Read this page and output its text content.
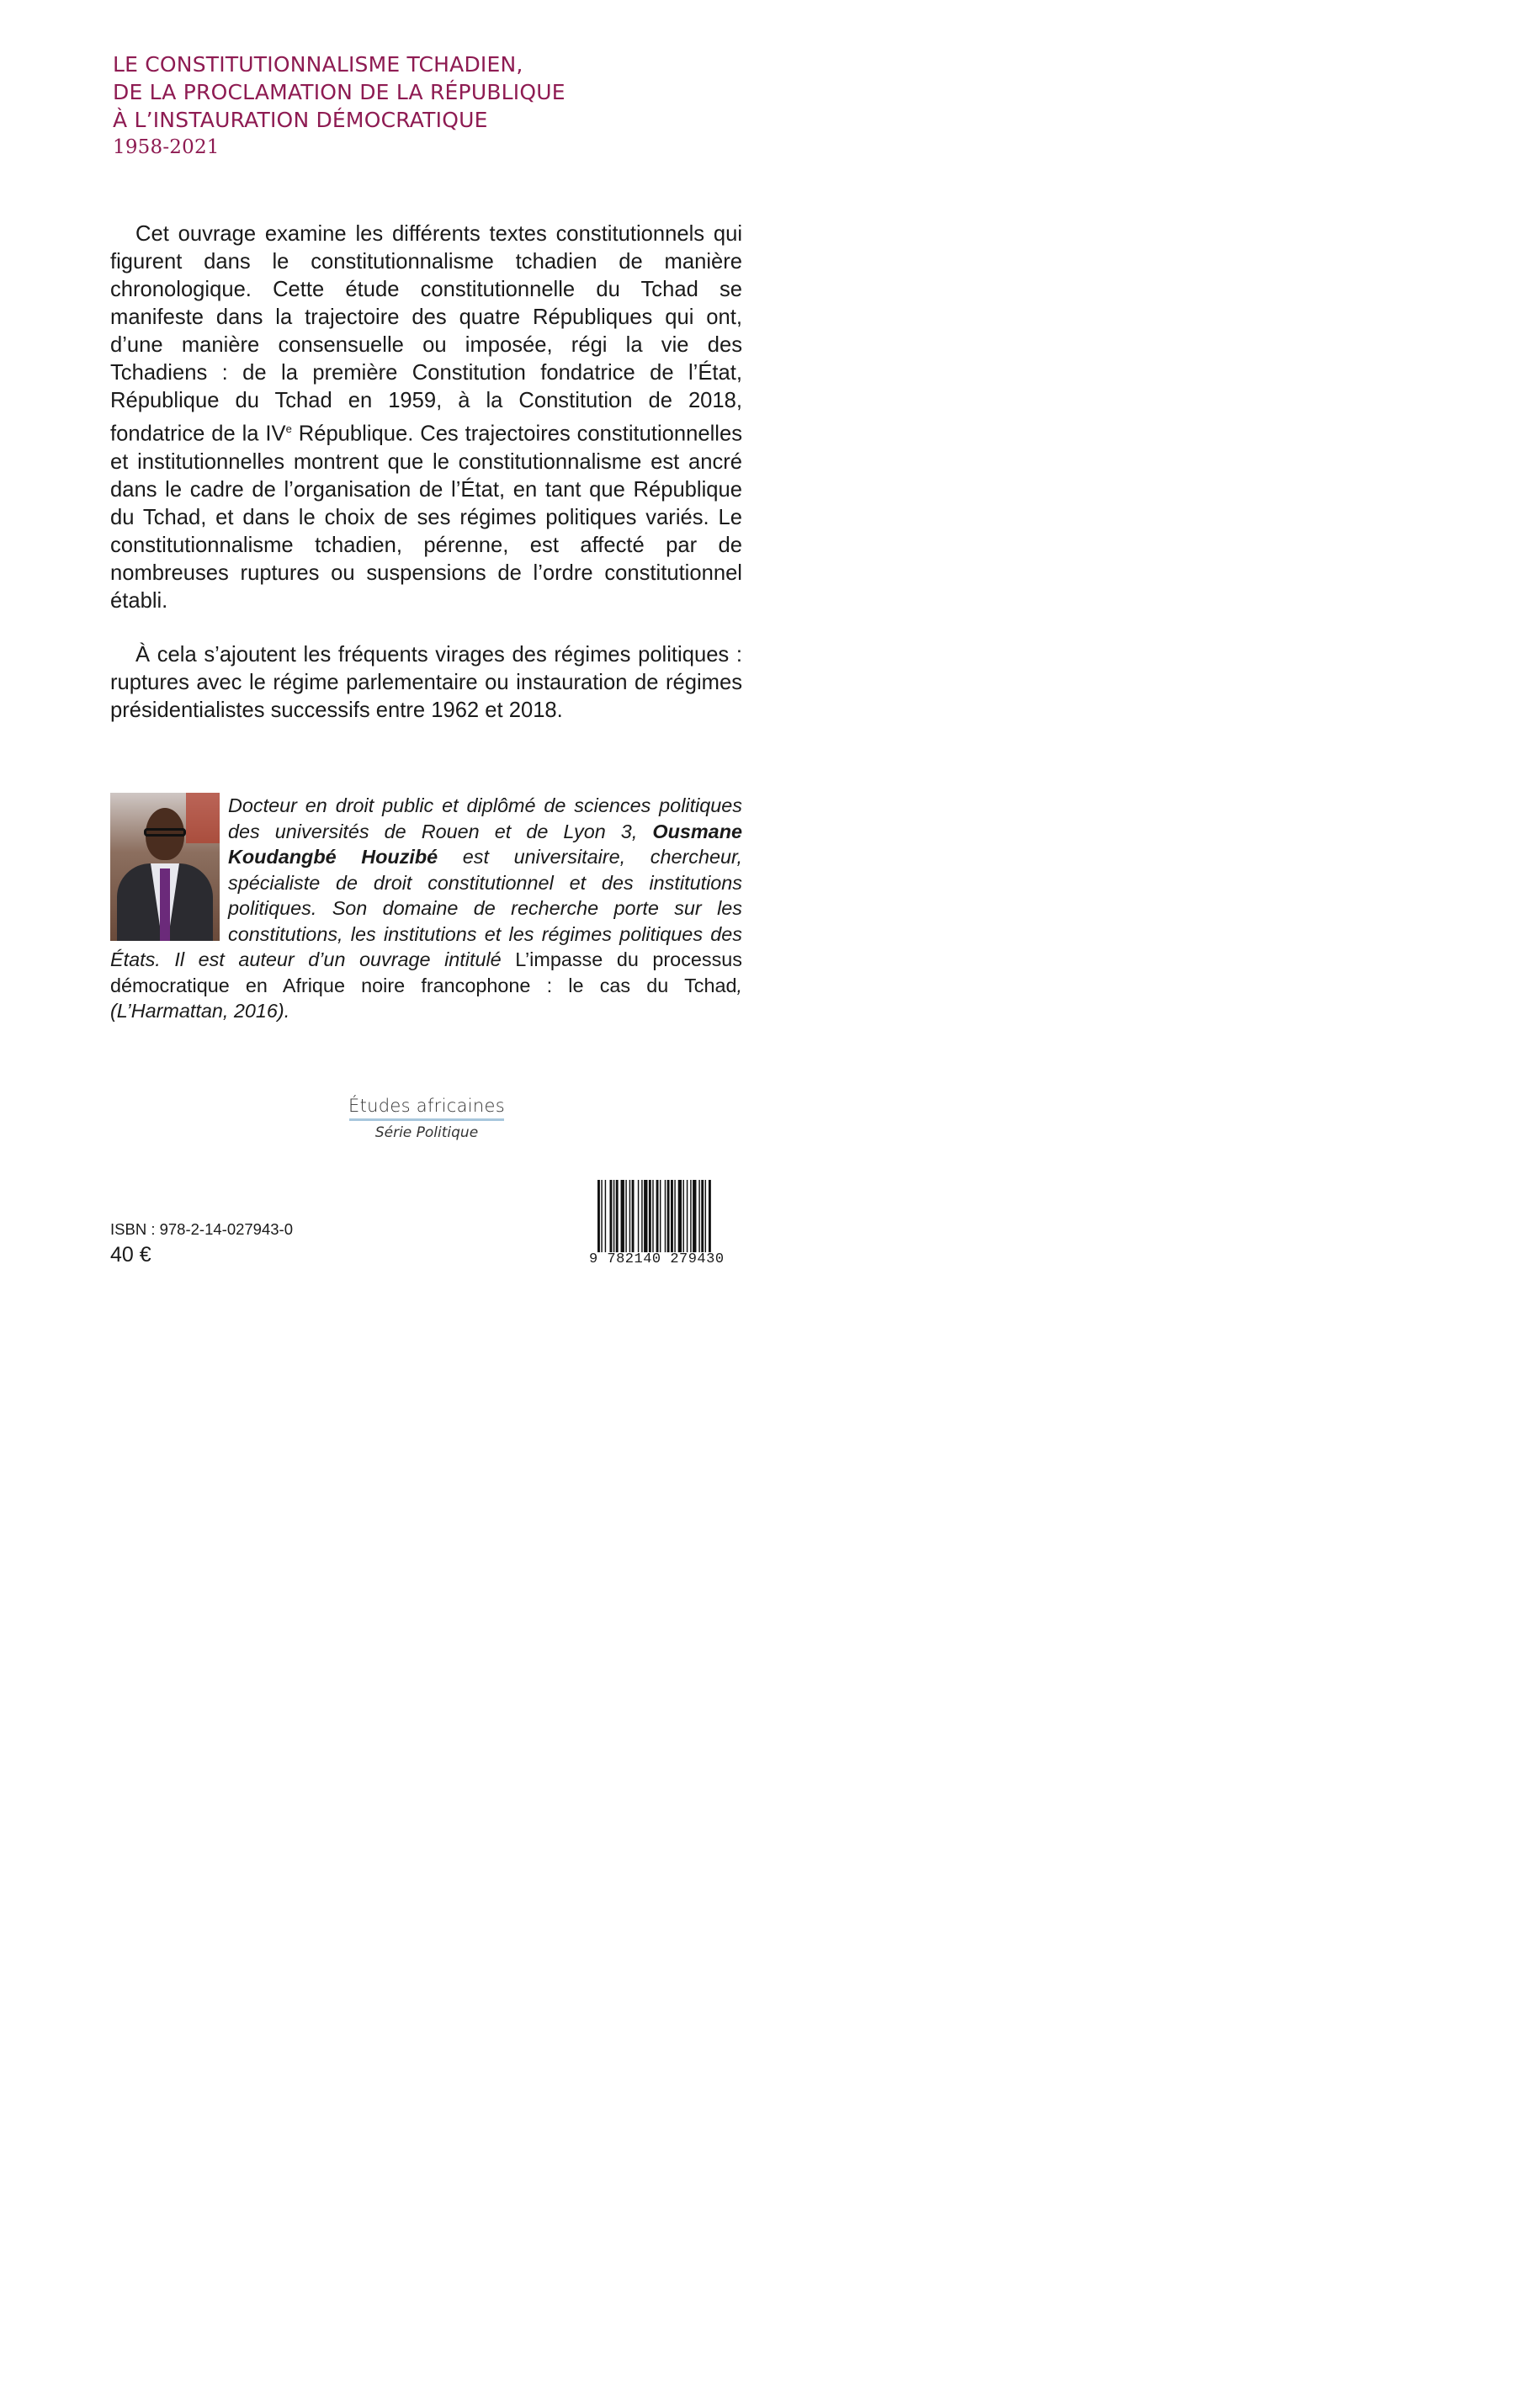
LE CONSTITUTIONNALISME TCHADIEN,
DE LA PROCLAMATION DE LA RÉPUBLIQUE
À L’INSTAURATION DÉMOCRATIQUE
1958-2021

Cet ouvrage examine les différents textes constitutionnels qui figurent dans le constitutionnalisme tchadien de manière chronologique. Cette étude constitutionnelle du Tchad se manifeste dans la trajectoire des quatre Républiques qui ont, d’une manière consensuelle ou imposée, régi la vie des Tchadiens : de la première Constitution fondatrice de l’État, République du Tchad en 1959, à la Constitution de 2018, fondatrice de la IVe République. Ces trajectoires constitutionnelles et institutionnelles montrent que le constitutionnalisme est ancré dans le cadre de l’organisation de l’État, en tant que République du Tchad, et dans le choix de ses régimes politiques variés. Le constitutionnalisme tchadien, pérenne, est affecté par de nombreuses ruptures ou suspensions de l’ordre constitutionnel établi.

À cela s’ajoutent les fréquents virages des régimes politiques : ruptures avec le régime parlementaire ou instauration de régimes présidentialistes successifs entre 1962 et 2018.

Docteur en droit public et diplômé de sciences politiques des universités de Rouen et de Lyon 3, Ousmane Koudangbé Houzibé est universitaire, chercheur, spécialiste de droit constitutionnel et des institutions politiques. Son domaine de recherche porte sur les constitutions, les institutions et les régimes politiques des États. Il est auteur d’un ouvrage intitulé L’impasse du processus démocratique en Afrique noire francophone : le cas du Tchad, (L’Harmattan, 2016).

Études africaines
Série Politique
ISBN : 978-2-14-027943-0
40 €	9 782140 279430
